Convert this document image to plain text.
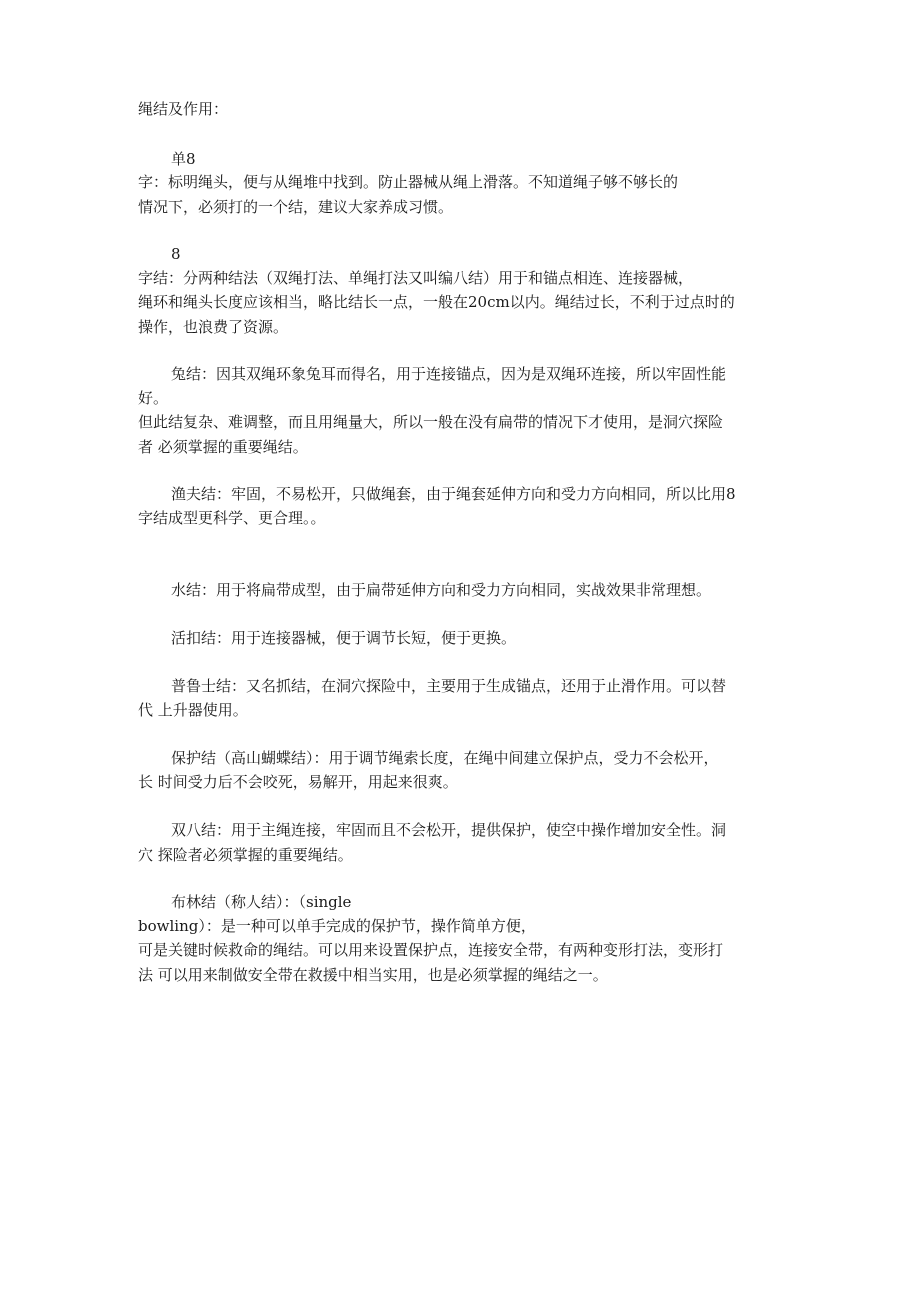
绳结及作用：
单8
字：标明绳头，便与从绳堆中找到。防止器械从绳上滑落。不知道绳子够不够长的
情况下，必须打的一个结，建议大家养成习惯。
8
字结：分两种结法（双绳打法、单绳打法又叫编八结）用于和锚点相连、连接器械，
绳环和绳头长度应该相当，略比结长一点，一般在20cm以内。绳结过长，不利于过点时的
操作，也浪费了资源。
兔结：因其双绳环象兔耳而得名，用于连接锚点，因为是双绳环连接，所以牢固性能
好。
但此结复杂、难调整，而且用绳量大，所以一般在没有扁带的情况下才使用，是洞穴探险
者 必须掌握的重要绳结。
渔夫结：牢固，不易松开，只做绳套，由于绳套延伸方向和受力方向相同，所以比用8
字结成型更科学、更合理。。
水结：用于将扁带成型，由于扁带延伸方向和受力方向相同，实战效果非常理想。
活扣结：用于连接器械，便于调节长短，便于更换。
普鲁士结：又名抓结，在洞穴探险中，主要用于生成锚点，还用于止滑作用。可以替
代 上升器使用。
保护结（高山蝴蝶结）：用于调节绳索长度，在绳中间建立保护点，受力不会松开，
长 时间受力后不会咬死，易解开，用起来很爽。
双八结：用于主绳连接，牢固而且不会松开，提供保护，使空中操作增加安全性。洞
穴 探险者必须掌握的重要绳结。
布林结（称人结）：（single
bowling）：是一种可以单手完成的保护节，操作简单方便，
可是关键时候救命的绳结。可以用来设置保护点，连接安全带，有两种变形打法，变形打
法 可以用来制做安全带在救援中相当实用，也是必须掌握的绳结之一。
